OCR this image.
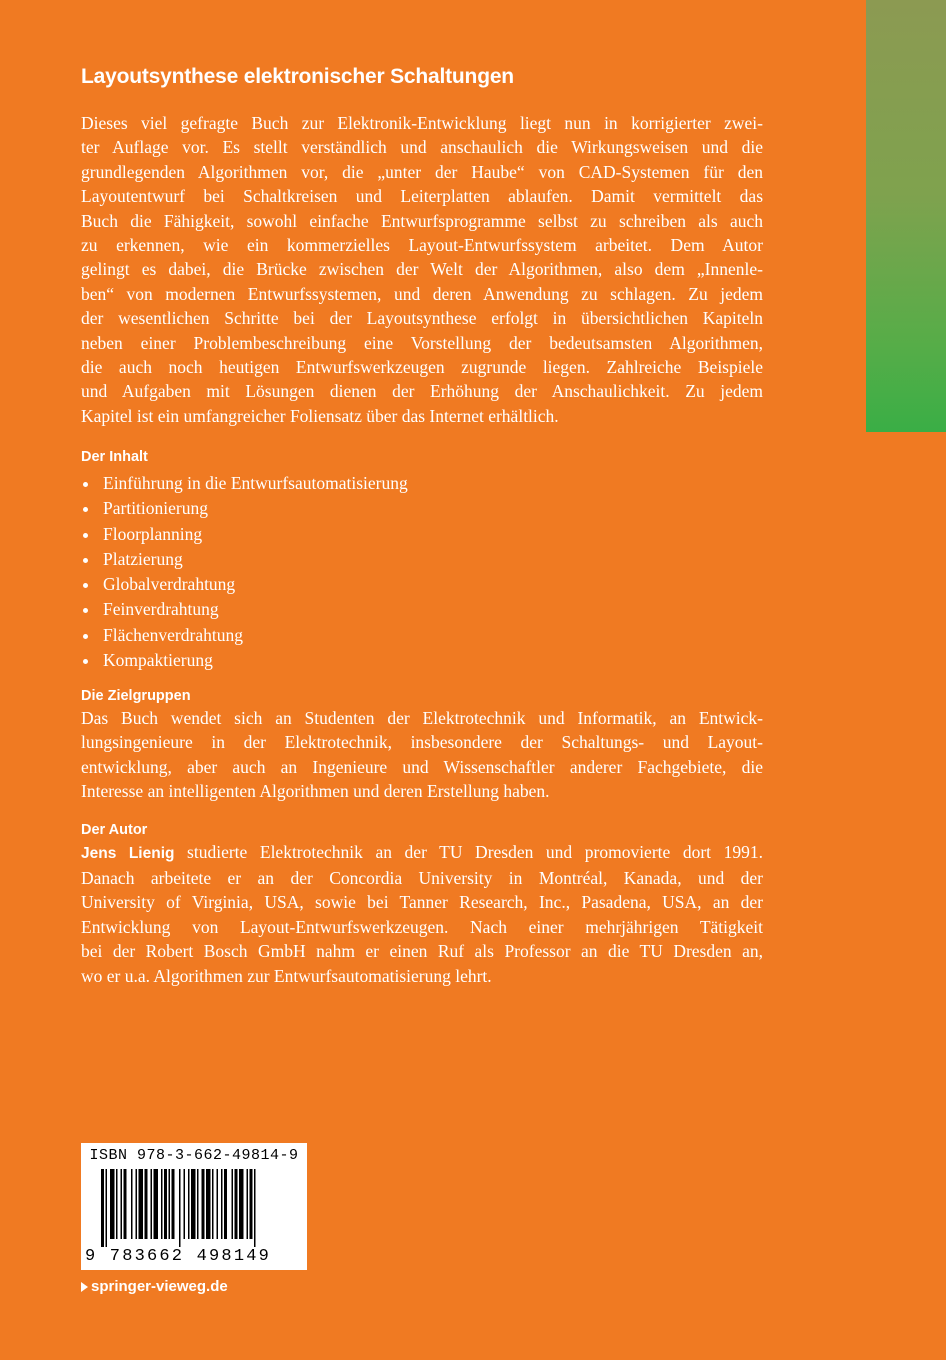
Layoutsynthese elektronischer Schaltungen

Dieses viel gefragte Buch zur Elektronik-Entwicklung liegt nun in korrigierter zwei-
ter Auflage vor. Es stellt verständlich und anschaulich die Wirkungsweisen und die
grundlegenden Algorithmen vor, die „unter der Haube“ von CAD-Systemen für den
Layoutentwurf bei Schaltkreisen und Leiterplatten ablaufen. Damit vermittelt das
Buch die Fähigkeit, sowohl einfache Entwurfsprogramme selbst zu schreiben als auch
zu erkennen, wie ein kommerzielles Layout-Entwurfssystem arbeitet. Dem Autor
gelingt es dabei, die Brücke zwischen der Welt der Algorithmen, also dem „Innenle-
ben“ von modernen Entwurfssystemen, und deren Anwendung zu schlagen. Zu jedem
der wesentlichen Schritte bei der Layoutsynthese erfolgt in übersichtlichen Kapiteln
neben einer Problembeschreibung eine Vorstellung der bedeutsamsten Algorithmen,
die auch noch heutigen Entwurfswerkzeugen zugrunde liegen. Zahlreiche Beispiele
und Aufgaben mit Lösungen dienen der Erhöhung der Anschaulichkeit. Zu jedem
Kapitel ist ein umfangreicher Foliensatz über das Internet erhältlich.

Der Inhalt
Einführung in die Entwurfsautomatisierung
Partitionierung
Floorplanning
Platzierung
Globalverdrahtung
Feinverdrahtung
Flächenverdrahtung
Kompaktierung
Die Zielgruppen

Das Buch wendet sich an Studenten der Elektrotechnik und Informatik, an Entwick-
lungsingenieure in der Elektrotechnik, insbesondere der Schaltungs- und Layout-
entwicklung, aber auch an Ingenieure und Wissenschaftler anderer Fachgebiete, die
Interesse an intelligenten Algorithmen und deren Erstellung haben.

Der Autor

Jens Lienig studierte Elektrotechnik an der TU Dresden und promovierte dort 1991.
Danach arbeitete er an der Concordia University in Montréal, Kanada, und der
University of Virginia, USA, sowie bei Tanner Research, Inc., Pasadena, USA, an der
Entwicklung von Layout-Entwurfswerkzeugen. Nach einer mehrjährigen Tätigkeit
bei der Robert Bosch GmbH nahm er einen Ruf als Professor an die TU Dresden an,
wo er u.a. Algorithmen zur Entwurfsautomatisierung lehrt.

ISBN 978-3-662-49814-9
9 783662 498149
springer-vieweg.de
